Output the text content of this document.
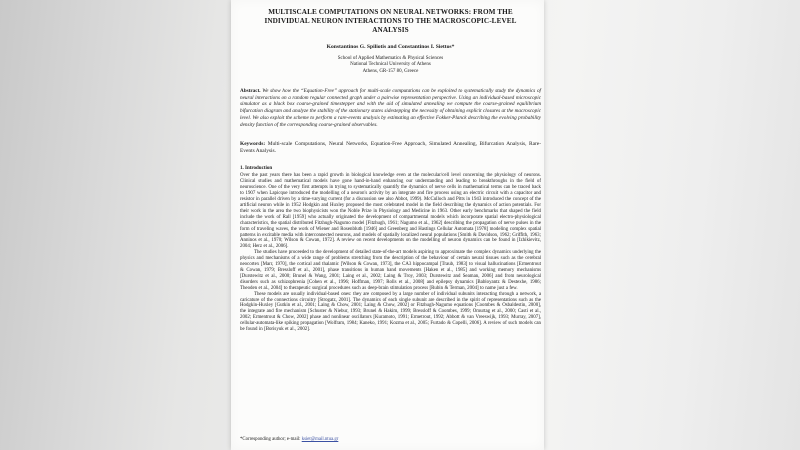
MULTISCALE COMPUTATIONS ON NEURAL NETWORKS: FROM THE INDIVIDUAL NEURON INTERACTIONS TO THE MACROSCOPIC-LEVEL ANALYSIS
Konstantinos G. Spiliotis and Constantinos I. Siettos*
School of Applied Mathematics & Physical Sciences
National Technical University of Athens
Athens, GR-157 80, Greece

Abstract. We show how the “Equation-Free” approach for multi-scale computations can be exploited to systematically study the dynamics of neural interactions on a random regular connected graph under a pairwise representation perspective. Using an individual-based microscopic simulator as a black box coarse-grained timestepper and with the aid of simulated annealing we compute the coarse-grained equilibrium bifurcation diagram and analyze the stability of the stationary states sidestepping the necessity of obtaining explicit closures at the macroscopic level. We also exploit the scheme to perform a rare-events analysis by estimating an effective Fokker-Planck describing the evolving probability density function of the corresponding coarse-grained observables.

Keywords: Multi-scale Computations, Neural Networks, Equation-Free Approach, Simulated Annealing, Bifurcation Analysis, Rare-Events Analysis.

1. Introduction

Over the past years there has been a rapid growth in biological knowledge even at the molecular/cell level concerning the physiology of neurons. Clinical studies and mathematical models have gone hand-in-hand enhancing our understanding and leading to breakthroughs in the field of neuroscience. One of the very first attempts in trying to systematically quantify the dynamics of nerve cells in mathematical terms can be traced back to 1907 when Lapicque introduced the modelling of a neuron's activity by an integrate and fire process using an electric circuit with a capacitor and resistor in parallel driven by a time-varying current (for a discussion see also Abbot, 1999). McCulloch and Pitts in 1943 introduced the concept of the artificial neuron while in 1952 Hodgkin and Huxley proposed the most celebrated model in the field describing the dynamics of action potentials. For their work in the area the two biophysicists won the Noble Prize in Physiology and Medicine in 1963. Other early benchmarks that shaped the field include the work of Rall [1959] who actually originated the development of compartmental models which incorporate spatial electro-physiological characteristics, the spatial distributed Fitzhugh-Nagumo model [Fitzhugh, 1961; Nagumo et al., 1962] describing the propagation of nerve pulses in the form of traveling waves, the work of Wiener and Rosenbluth [1946] and Greenberg and Hastings Cellular Automata [1978] modeling complex spatial patterns in excitable media with interconnected neurons, and models of spatially localized neural populations [Smith & Davidson, 1962; Griffith, 1963; Anninos et al., 1970; Wilson & Cowan, 1972]. A review on recent developments on the modelling of neuron dynamics can be found in [Izhikievitz, 2004; Herz et al., 2006].

The studies have proceeded to the development of detailed state-of-the-art models aspiring to approximate the complex dynamics underlying the physics and mechanisms of a wide range of problems stretching from the description of the behaviour of certain neural tissues such as the cerebral neocortex [Marr, 1970], the cortical and thalamic [Wilson & Cowan, 1973], the CA3 hippocampal [Traub, 1983] to visual hallucinations [Ermentrout & Cowan, 1979; Bressloff et al., 2001], phase transitions in human hand movements [Haken et al., 1985] and working memory mechanisms [Durstewitz et al., 2000; Brunel & Wang, 2001; Laing et al., 2002; Laing & Troy, 2003; Durstewitz and Seaman, 2006] and from neurological disorders such as schizophrenia [Cohen et al., 1996; Hoffman, 1997; Rolls et al., 2008] and epilepsy dynamics [Babloyantz & Destexhe, 1986; Theoden et al., 2004] to therapeutic surgical procedures such as deep-brain stimulation process [Rubin & Terman, 2004] to name just a few.

These models are usually individual-based ones: they are composed by a large number of individual subunits interacting through a network, a caricature of the connections circuitry [Strogatz, 2001]. The dynamics of each single subunit are described in the spirit of representations such as the Hodgkin-Huxley [Gutkin et al., 2001; Laing & Chow, 2001; Laing & Chow, 2002] or Fitzhugh-Nagumo equations [Coombes & Osbaldestin, 2000], the integrate and fire mechanism [Schuster & Niebur, 1993; Brunel & Hakim, 1999; Bressloff & Coombes, 1999; Omurtag et al., 2000; Casti et al., 2002; Ermentrout & Chow, 2002] phase and nonlinear oscillators [Kuramoto, 1991; Ermetrout, 1992; Abbott & van Vreeswijk, 1993; Murray, 2007], cellular-automata-like spiking propagation [Wolfram, 1984; Kaneko, 1991; Kozma et al., 2005; Furtado & Copelli, 2006]. A review of such models can be found in [Borisyuk et al., 2002].

*Corresponding author; e-mail: ksiet@mail.ntua.gr
